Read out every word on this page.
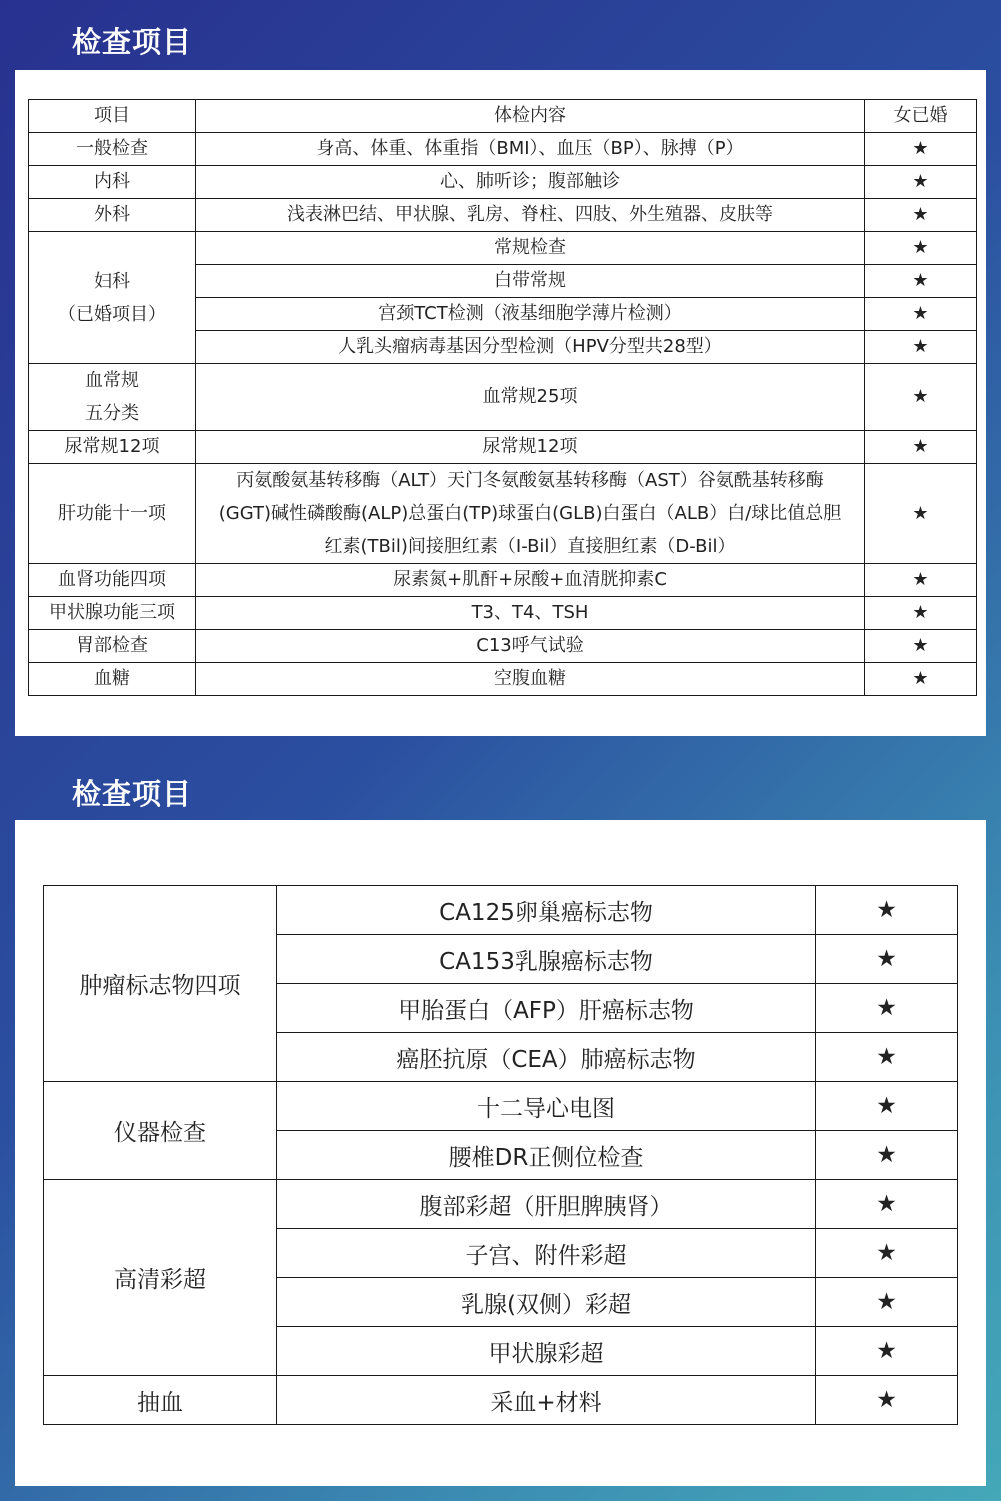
检查项目
项目	体检内容	女已婚
一般检查	身高、体重、体重指（BMI）、血压（BP）、脉搏（P）	★
内科	心、肺听诊；腹部触诊	★
外科	浅表淋巴结、甲状腺、乳房、脊柱、四肢、外生殖器、皮肤等	★

妇科
（已婚项目）	常规检查	★
	白带常规	★
	宫颈TCT检测（液基细胞学薄片检测）	★
	人乳头瘤病毒基因分型检测（HPV分型共28型）	★

血常规
五分类	血常规25项	★
尿常规12项	尿常规12项	★
肝功能十一项	丙氨酸氨基转移酶（ALT）天门冬氨酸氨基转移酶（AST）谷氨酰基转移酶
(GGT)碱性磷酸酶(ALP)总蛋白(TP)球蛋白(GLB)白蛋白（ALB）白/球比值总胆
红素(TBil)间接胆红素（I-Bil）直接胆红素（D-Bil）	★
血肾功能四项	尿素氮+肌酐+尿酸+血清胱抑素C	★
甲状腺功能三项	T3、T4、TSH	★
胃部检查	C13呼气试验	★
血糖	空腹血糖	★
检查项目
肿瘤标志物四项	CA125卵巢癌标志物	★
	CA153乳腺癌标志物	★
	甲胎蛋白（AFP）肝癌标志物	★
	癌胚抗原（CEA）肺癌标志物	★
仪器检查	十二导心电图	★
	腰椎DR正侧位检查	★
高清彩超	腹部彩超（肝胆脾胰肾）	★
	子宫、附件彩超	★
	乳腺(双侧）彩超	★
	甲状腺彩超	★
抽血	采血+材料	★
